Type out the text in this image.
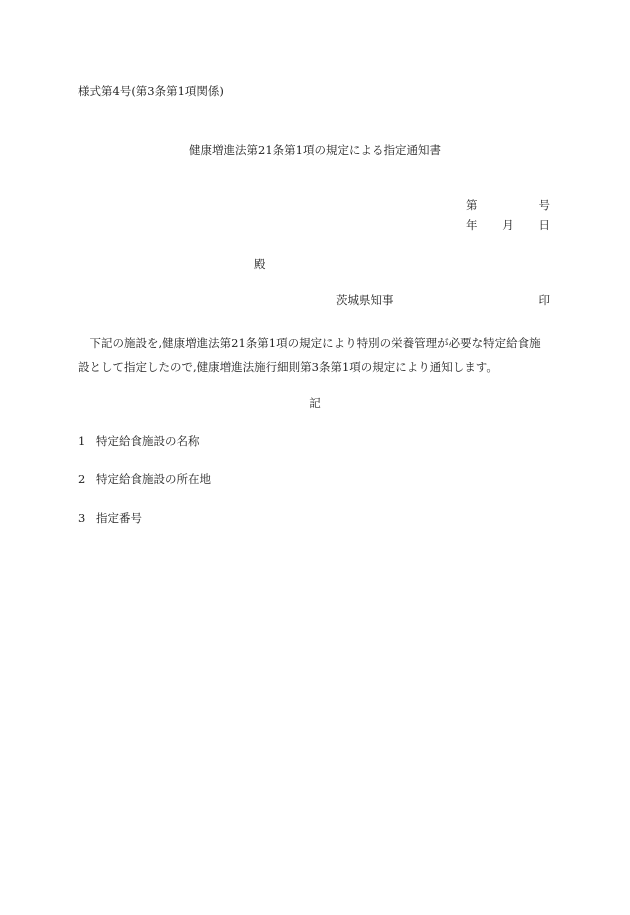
様式第4号(第3条第1項関係)
健康増進法第21条第1項の規定による指定通知書
第	号
年 月 日
殿
茨城県知事	印

下記の施設を,健康増進法第21条第1項の規定により特別の栄養管理が必要な特定給食施設として指定したので,健康増進法施行細則第3条第1項の規定により通知します。

記
1 特定給食施設の名称
2 特定給食施設の所在地
3 指定番号
